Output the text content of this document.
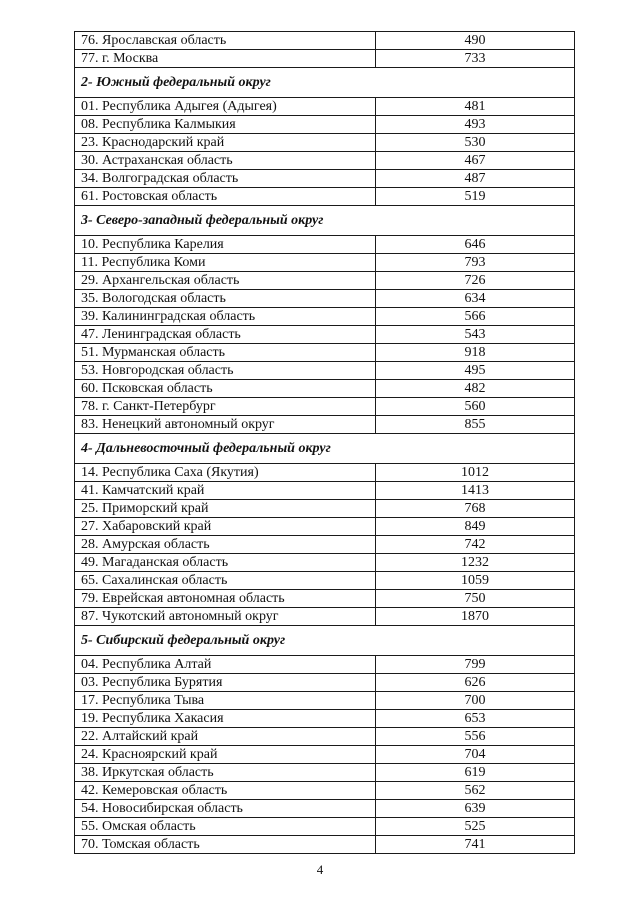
76. Ярославская область	490
77. г. Москва	733
2- Южный федеральный округ	
01. Республика Адыгея (Адыгея)	481
08. Республика Калмыкия	493
23. Краснодарский край	530
30. Астраханская область	467
34. Волгоградская область	487
61. Ростовская область	519
3- Северо-западный федеральный округ	
10. Республика Карелия	646
11. Республика Коми	793
29. Архангельская область	726
35. Вологодская область	634
39. Калининградская область	566
47. Ленинградская область	543
51. Мурманская область	918
53. Новгородская область	495
60. Псковская область	482
78. г. Санкт-Петербург	560
83. Ненецкий автономный округ	855
4- Дальневосточный федеральный округ	
14. Республика Саха (Якутия)	1012
41. Камчатский край	1413
25. Приморский край	768
27. Хабаровский край	849
28. Амурская область	742
49. Магаданская область	1232
65. Сахалинская область	1059
79. Еврейская автономная область	750
87. Чукотский автономный округ	1870
5- Сибирский федеральный округ	
04. Республика Алтай	799
03. Республика Бурятия	626
17. Республика Тыва	700
19. Республика Хакасия	653
22. Алтайский край	556
24. Красноярский край	704
38. Иркутская область	619
42. Кемеровская область	562
54. Новосибирская область	639
55. Омская область	525
70. Томская область	741
4
